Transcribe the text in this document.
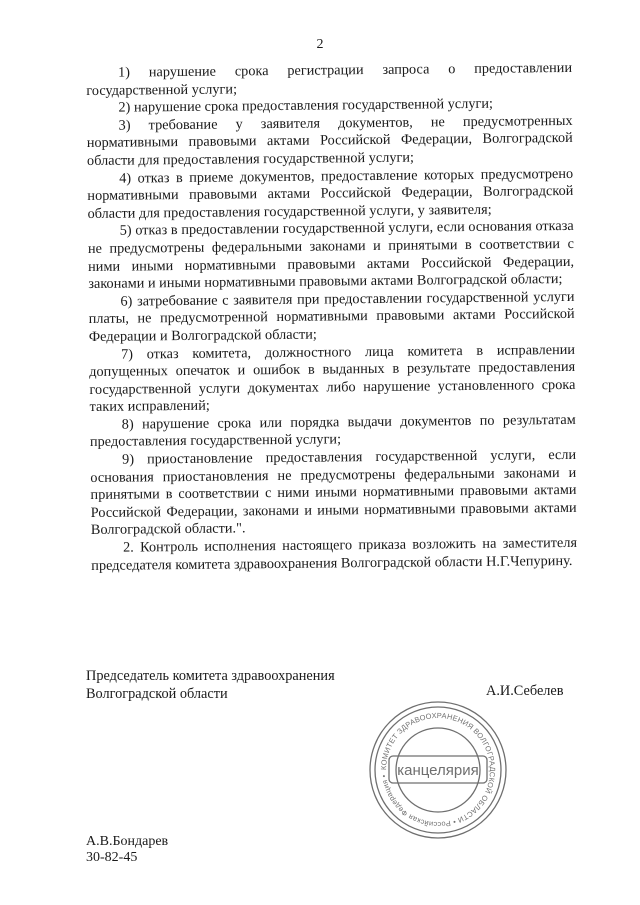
2

1) нарушение срока регистрации запроса о предоставлении государственной услуги;

2) нарушение срока предоставления государственной услуги;

3) требование у заявителя документов, не предусмотренных нормативными правовыми актами Российской Федерации, Волгоградской области для предоставления государственной услуги;

4) отказ в приеме документов, предоставление которых предусмотрено нормативными правовыми актами Российской Федерации, Волгоградской области для предоставления государственной услуги, у заявителя;

5) отказ в предоставлении государственной услуги, если основания отказа не предусмотрены федеральными законами и принятыми в соответствии с ними иными нормативными правовыми актами Российской Федерации, законами и иными нормативными правовыми актами Волгоградской области;

6) затребование с заявителя при предоставлении государственной услуги платы, не предусмотренной нормативными правовыми актами Российской Федерации и Волгоградской области;

7) отказ комитета, должностного лица комитета в исправлении допущенных опечаток и ошибок в выданных в результате предоставления государственной услуги документах либо нарушение установленного срока таких исправлений;

8) нарушение срока или порядка выдачи документов по результатам предоставления государственной услуги;

9) приостановление предоставления государственной услуги, если основания приостановления не предусмотрены федеральными законами и принятыми в соответствии с ними иными нормативными правовыми актами Российской Федерации, законами и иными нормативными правовыми актами Волгоградской области.".

2. Контроль исполнения настоящего приказа возложить на заместителя председателя комитета здравоохранения Волгоградской области Н.Г.Чепурину.

Председатель комитета здравоохранения Волгоградской области	А.И.Себелев
КОМИТЕТ ЗДРАВООХРАНЕНИЯ ВОЛГОГРАДСКОЙ ОБЛАСТИ • Российская Федерация • канцелярия
А.В.Бондарев
30-82-45
